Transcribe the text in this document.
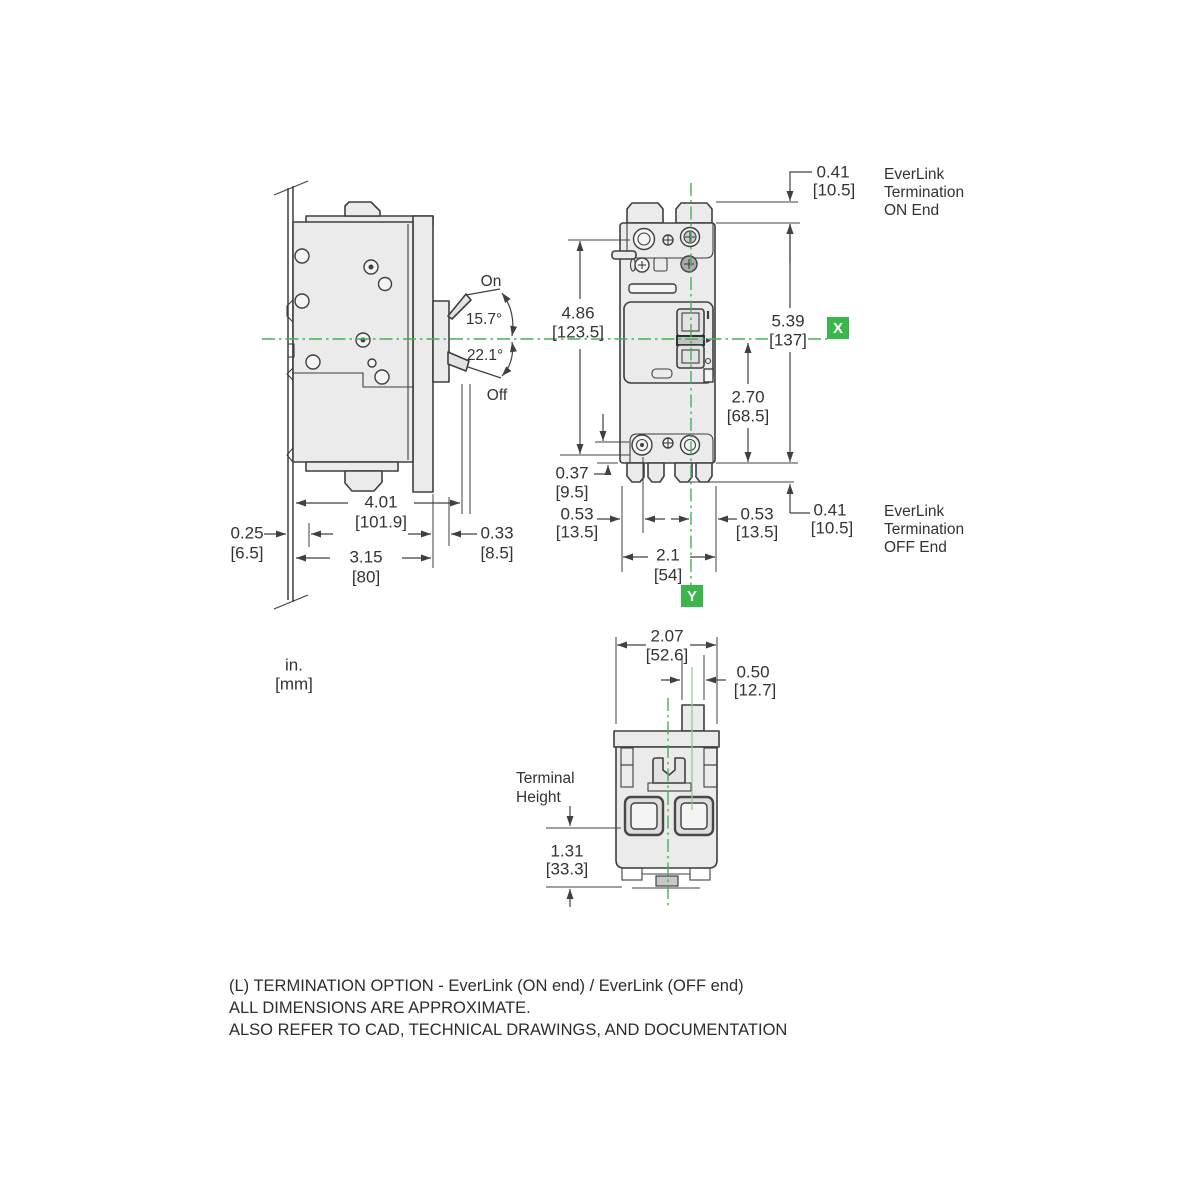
X
Y
On
Off
15.7°
22.1°
4.01
[101.9]
0.25
[6.5]	3.15
[80]
0.33
[8.5]
in.
[mm]
0.41
[10.5]
EverLink
Termination
ON End
4.86
[123.5]
5.39
[137]
2.70
[68.5]
0.37
[9.5]
0.53
[13.5]
0.53
[13.5]
2.1
[54]
0.41
[10.5]
EverLink
Termination
OFF End
2.07
[52.6]
0.50
[12.7]
Terminal
Height
1.31
[33.3]
(L) TERMINATION OPTION - EverLink (ON end) / EverLink (OFF end)
ALL DIMENSIONS ARE APPROXIMATE.
ALSO REFER TO CAD, TECHNICAL DRAWINGS, AND DOCUMENTATION
